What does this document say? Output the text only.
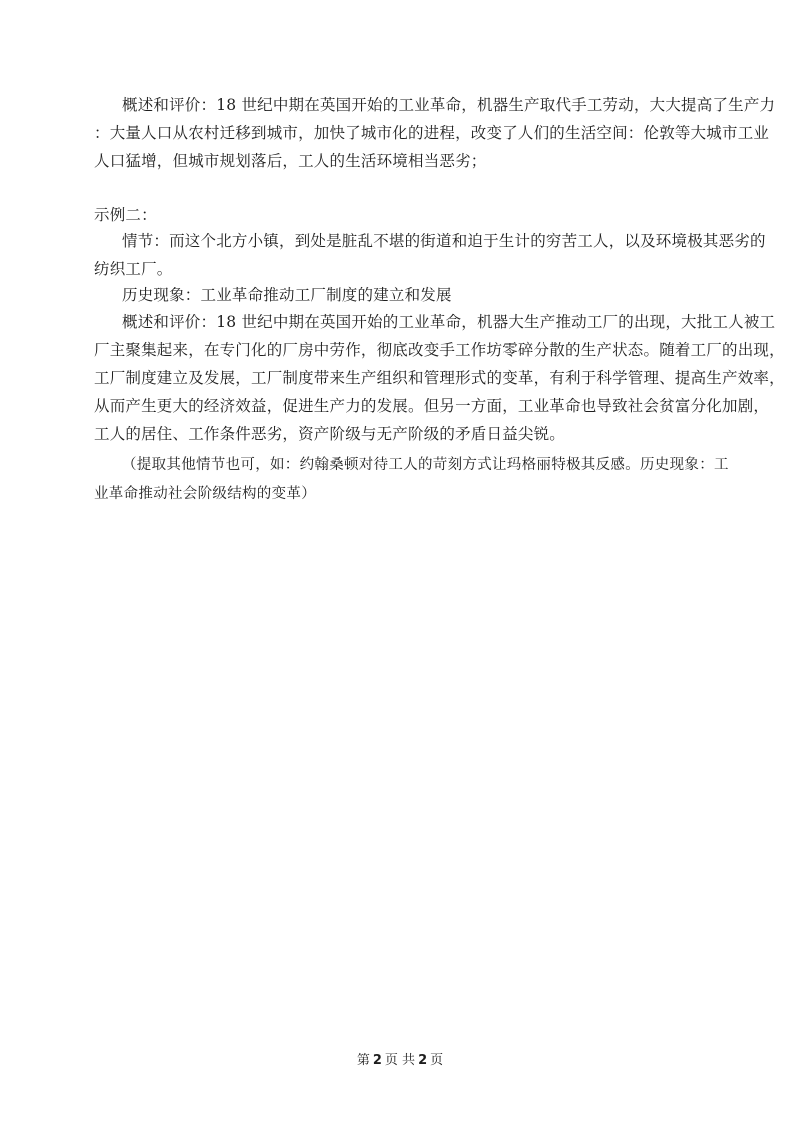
概述和评价：18 世纪中期在英国开始的工业革命，机器生产取代手工劳动，大大提高了生产力
：大量人口从农村迁移到城市，加快了城市化的进程，改变了人们的生活空间：伦敦等大城市工业
人口猛增，但城市规划落后，工人的生活环境相当恶劣；
示例二：
情节：而这个北方小镇，到处是脏乱不堪的街道和迫于生计的穷苦工人，以及环境极其恶劣的
纺织工厂。
历史现象：工业革命推动工厂制度的建立和发展
概述和评价：18 世纪中期在英国开始的工业革命，机器大生产推动工厂的出现，大批工人被工
厂主聚集起来，在专门化的厂房中劳作，彻底改变手工作坊零碎分散的生产状态。随着工厂的出现，
工厂制度建立及发展，工厂制度带来生产组织和管理形式的变革，有利于科学管理、提高生产效率，
从而产生更大的经济效益，促进生产力的发展。但另一方面，工业革命也导致社会贫富分化加剧，
工人的居住、工作条件恶劣，资产阶级与无产阶级的矛盾日益尖锐。
（提取其他情节也可，如：约翰桑顿对待工人的苛刻方式让玛格丽特极其反感。历史现象：工
业革命推动社会阶级结构的变革）
第 2 页 共 2 页
